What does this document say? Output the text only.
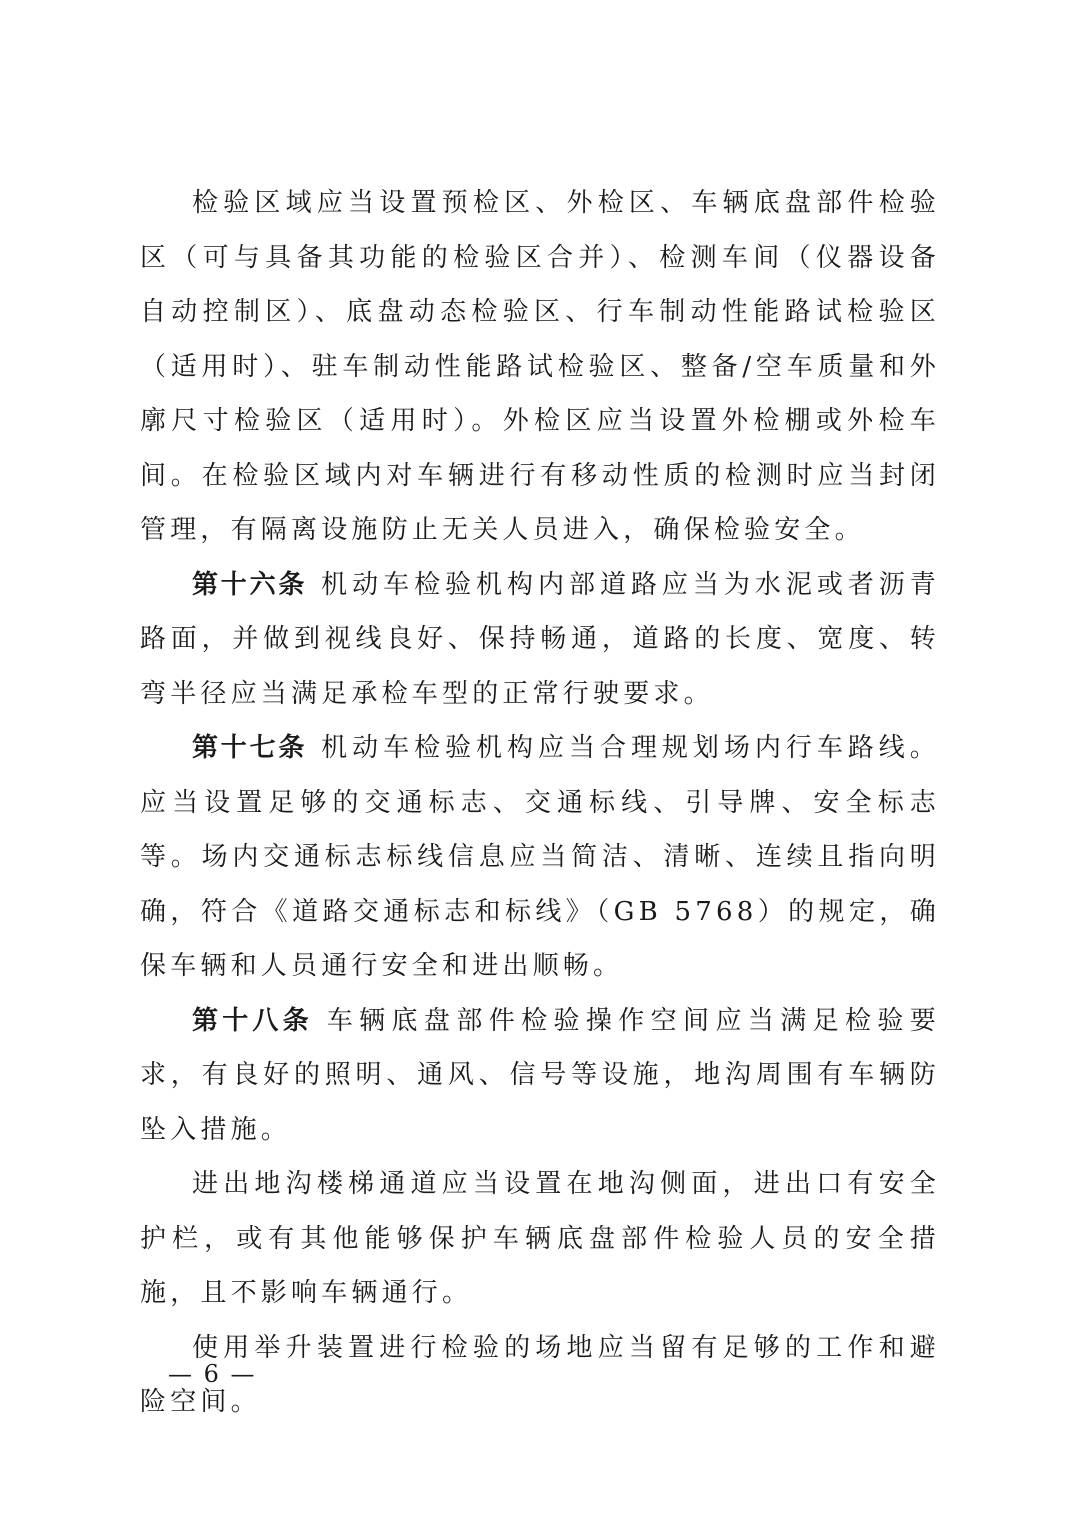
检验区域应当设置预检区、外检区、车辆底盘部件检验区（可与具备其功能的检验区合并）、检测车间（仪器设备自动控制区）、底盘动态检验区、行车制动性能路试检验区（适用时）、驻车制动性能路试检验区、整备/空车质量和外廓尺寸检验区（适用时）。外检区应当设置外检棚或外检车间。在检验区域内对车辆进行有移动性质的检测时应当封闭管理，有隔离设施防止无关人员进入，确保检验安全。

第十六条 机动车检验机构内部道路应当为水泥或者沥青路面，并做到视线良好、保持畅通，道路的长度、宽度、转弯半径应当满足承检车型的正常行驶要求。

第十七条 机动车检验机构应当合理规划场内行车路线。应当设置足够的交通标志、交通标线、引导牌、安全标志等。场内交通标志标线信息应当简洁、清晰、连续且指向明确，符合《道路交通标志和标线》（GB 5768）的规定，确保车辆和人员通行安全和进出顺畅。

第十八条 车辆底盘部件检验操作空间应当满足检验要求，有良好的照明、通风、信号等设施，地沟周围有车辆防坠入措施。

进出地沟楼梯通道应当设置在地沟侧面，进出口有安全护栏，或有其他能够保护车辆底盘部件检验人员的安全措施，且不影响车辆通行。

使用举升装置进行检验的场地应当留有足够的工作和避险空间。

— 6 —
